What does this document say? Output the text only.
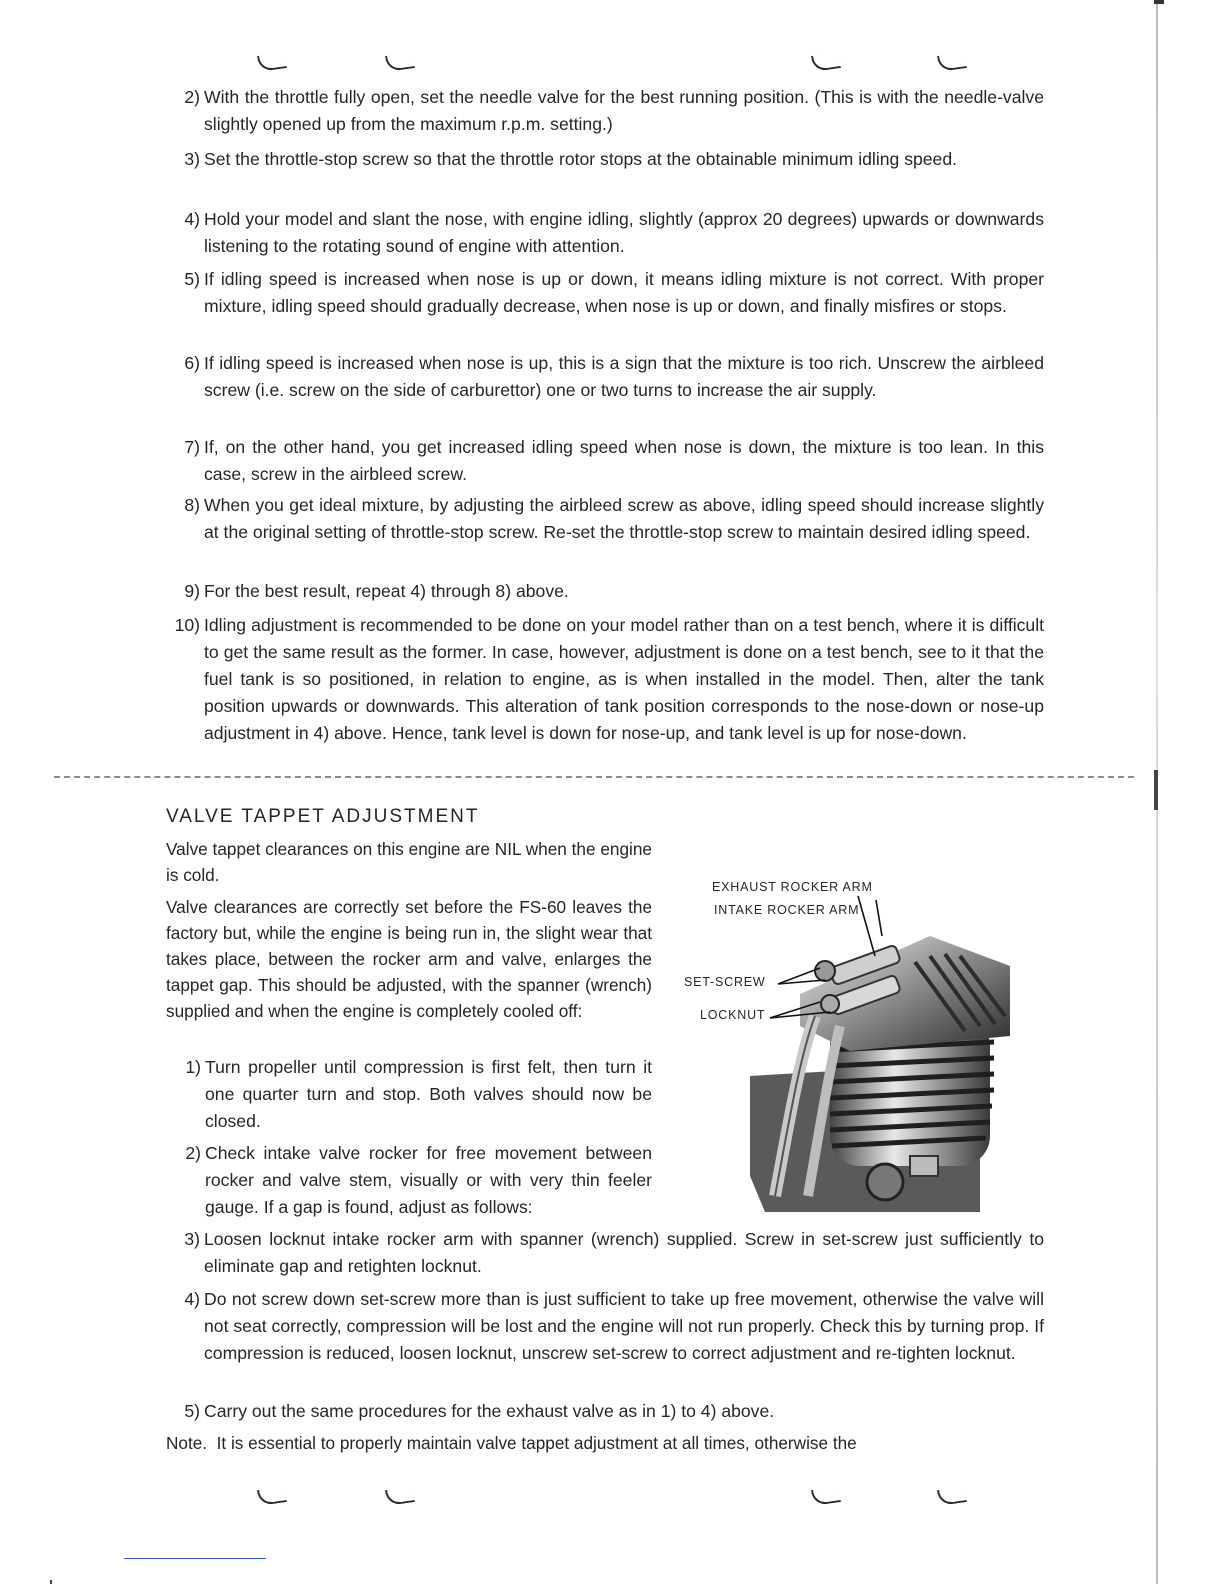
2) With the throttle fully open, set the needle valve for the best running position. (This is with the needle-valve slightly opened up from the maximum r.p.m. setting.)
3) Set the throttle-stop screw so that the throttle rotor stops at the obtainable minimum idling speed.
4) Hold your model and slant the nose, with engine idling, slightly (approx 20 degrees) upwards or downwards listening to the rotating sound of engine with attention.
5) If idling speed is increased when nose is up or down, it means idling mixture is not correct. With proper mixture, idling speed should gradually decrease, when nose is up or down, and finally misfires or stops.
6) If idling speed is increased when nose is up, this is a sign that the mixture is too rich. Unscrew the airbleed screw (i.e. screw on the side of carburettor) one or two turns to increase the air supply.
7) If, on the other hand, you get increased idling speed when nose is down, the mixture is too lean. In this case, screw in the airbleed screw.
8) When you get ideal mixture, by adjusting the airbleed screw as above, idling speed should increase slightly at the original setting of throttle-stop screw. Re-set the throttle-stop screw to maintain desired idling speed.
9) For the best result, repeat 4) through 8) above.
10) Idling adjustment is recommended to be done on your model rather than on a test bench, where it is difficult to get the same result as the former. In case, however, adjustment is done on a test bench, see to it that the fuel tank is so positioned, in relation to engine, as is when installed in the model. Then, alter the tank position upwards or downwards. This alteration of tank position corresponds to the nose-down or nose-up adjustment in 4) above. Hence, tank level is down for nose-up, and tank level is up for nose-down.
VALVE TAPPET ADJUSTMENT
Valve tappet clearances on this engine are NIL when the engine is cold.
Valve clearances are correctly set before the FS-60 leaves the factory but, while the engine is being run in, the slight wear that takes place, between the rocker arm and valve, enlarges the tappet gap. This should be adjusted, with the spanner (wrench) supplied and when the engine is completely cooled off:
1) Turn propeller until compression is first felt, then turn it one quarter turn and stop. Both valves should now be closed.
2) Check intake valve rocker for free movement between rocker and valve stem, visually or with very thin feeler gauge. If a gap is found, adjust as follows:
EXHAUST ROCKER ARM
INTAKE ROCKER ARM
SET-SCREW
LOCKNUT
3) Loosen locknut intake rocker arm with spanner (wrench) supplied. Screw in set-screw just sufficiently to eliminate gap and retighten locknut.
4) Do not screw down set-screw more than is just sufficient to take up free movement, otherwise the valve will not seat correctly, compression will be lost and the engine will not run properly. Check this by turning prop. If compression is reduced, loosen locknut, unscrew set-screw to correct adjustment and re-tighten locknut.
5) Carry out the same procedures for the exhaust valve as in 1) to 4) above.
Note.  It is essential to properly maintain valve tappet adjustment at all times, otherwise the
